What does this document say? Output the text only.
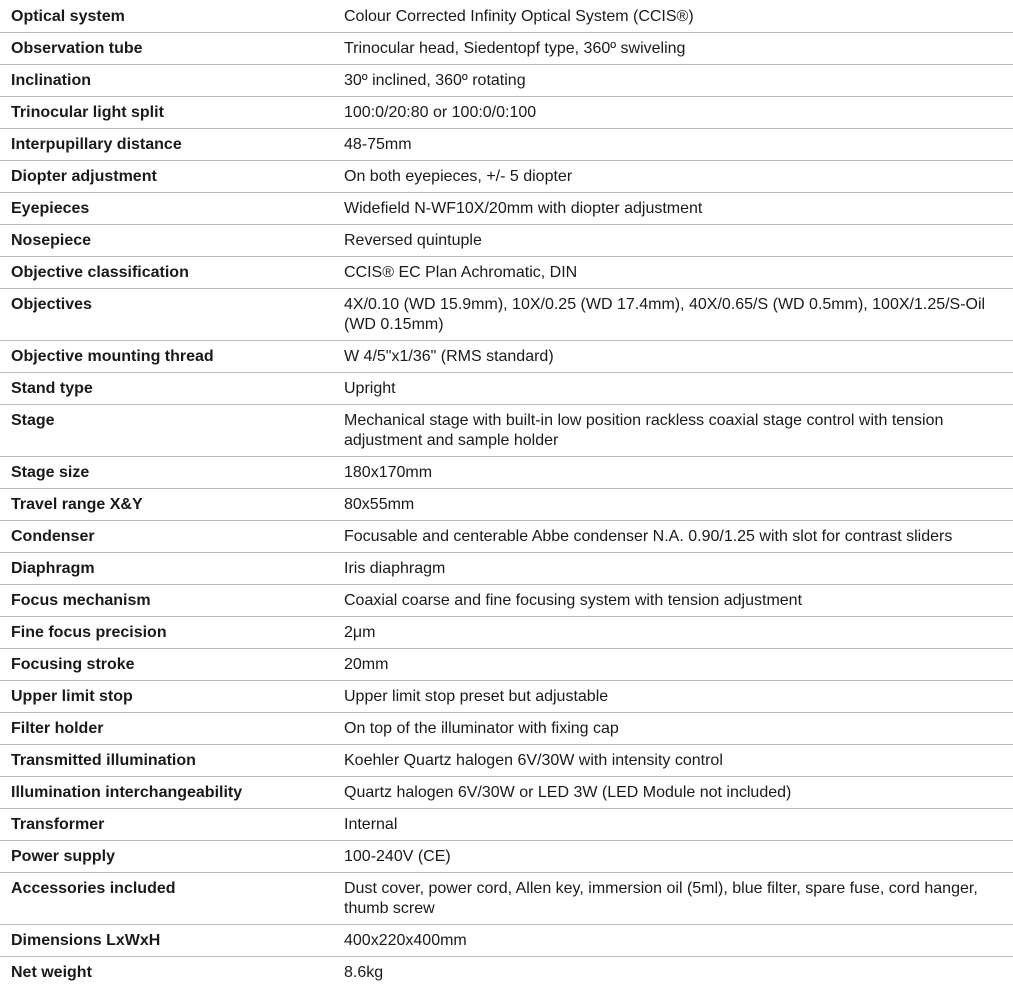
Optical system	Colour Corrected Infinity Optical System (CCIS®)
Observation tube	Trinocular head, Siedentopf type, 360º swiveling
Inclination	30º inclined, 360º rotating
Trinocular light split	100:0/20:80 or 100:0/0:100
Interpupillary distance	48-75mm
Diopter adjustment	On both eyepieces, +/- 5 diopter
Eyepieces	Widefield N-WF10X/20mm with diopter adjustment
Nosepiece	Reversed quintuple
Objective classification	CCIS® EC Plan Achromatic, DIN
Objectives	4X/0.10 (WD 15.9mm), 10X/0.25 (WD 17.4mm), 40X/0.65/S (WD 0.5mm), 100X/1.25/S-Oil (WD 0.15mm)
Objective mounting thread	W 4/5"x1/36" (RMS standard)
Stand type	Upright
Stage	Mechanical stage with built-in low position rackless coaxial stage control with tension adjustment and sample holder
Stage size	180x170mm
Travel range X&Y	80x55mm
Condenser	Focusable and centerable Abbe condenser N.A. 0.90/1.25 with slot for contrast sliders
Diaphragm	Iris diaphragm
Focus mechanism	Coaxial coarse and fine focusing system with tension adjustment
Fine focus precision	2μm
Focusing stroke	20mm
Upper limit stop	Upper limit stop preset but adjustable
Filter holder	On top of the illuminator with fixing cap
Transmitted illumination	Koehler Quartz halogen 6V/30W with intensity control
Illumination interchangeability	Quartz halogen 6V/30W or LED 3W (LED Module not included)
Transformer	Internal
Power supply	100-240V (CE)
Accessories included	Dust cover, power cord, Allen key, immersion oil (5ml), blue filter, spare fuse, cord hanger, thumb screw
Dimensions LxWxH	400x220x400mm
Net weight	8.6kg
